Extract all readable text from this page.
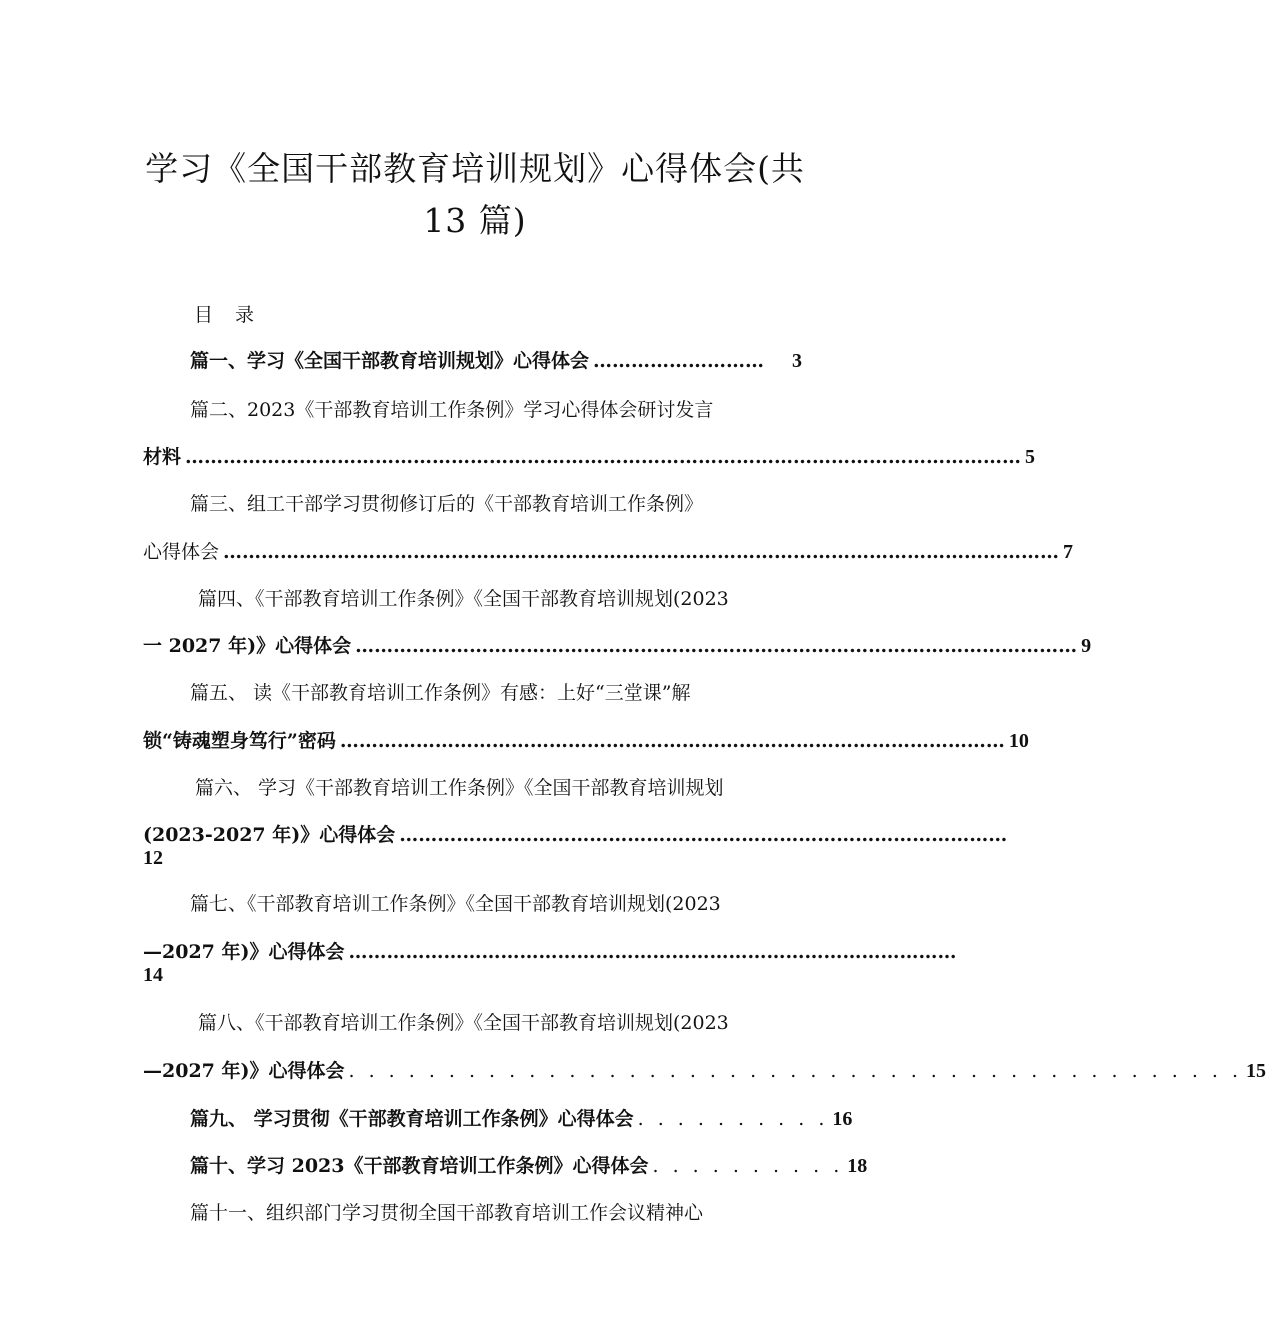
学习《全国干部教育培训规划》心得体会(共
13 篇)
目录
篇一、学习《全国干部教育培训规划》心得体会 ………………………	3
篇二、2023《干部教育培训工作条例》学习心得体会研讨发言
材料 …………………………………………………………………………………………………………………… 5
篇三、组工干部学习贯彻修订后的《干部教育培训工作条例》
心得体会 …………………………………………………………………………………………………………………… 7
篇四、《干部教育培训工作条例》《全国干部教育培训规划(2023
一 2027 年)》心得体会 …………………………………………………………………………………………………… 9
篇五、 读《干部教育培训工作条例》有感：上好“三堂课”解
锁“铸魂塑身笃行”密码 …………………………………………………………………………………………… 10
篇六、 学习《干部教育培训工作条例》《全国干部教育培训规划
(2023-2027 年)》心得体会 ……………………………………………………………………………………
12
篇七、《干部教育培训工作条例》《全国干部教育培训规划(2023
—2027 年)》心得体会 ……………………………………………………………………………………
14
篇八、《干部教育培训工作条例》《全国干部教育培训规划(2023
—2027 年)》心得体会 . . . . . . . . . . . . . . . . . . . . . . . . . . . . . . . . . . . . . . . . . . . . . 15
篇九、 学习贯彻《干部教育培训工作条例》心得体会 . . . . . . . . . . 16
篇十、学习 2023《干部教育培训工作条例》心得体会 . . . . . . . . . . 18
篇十一、组织部门学习贯彻全国干部教育培训工作会议精神心
